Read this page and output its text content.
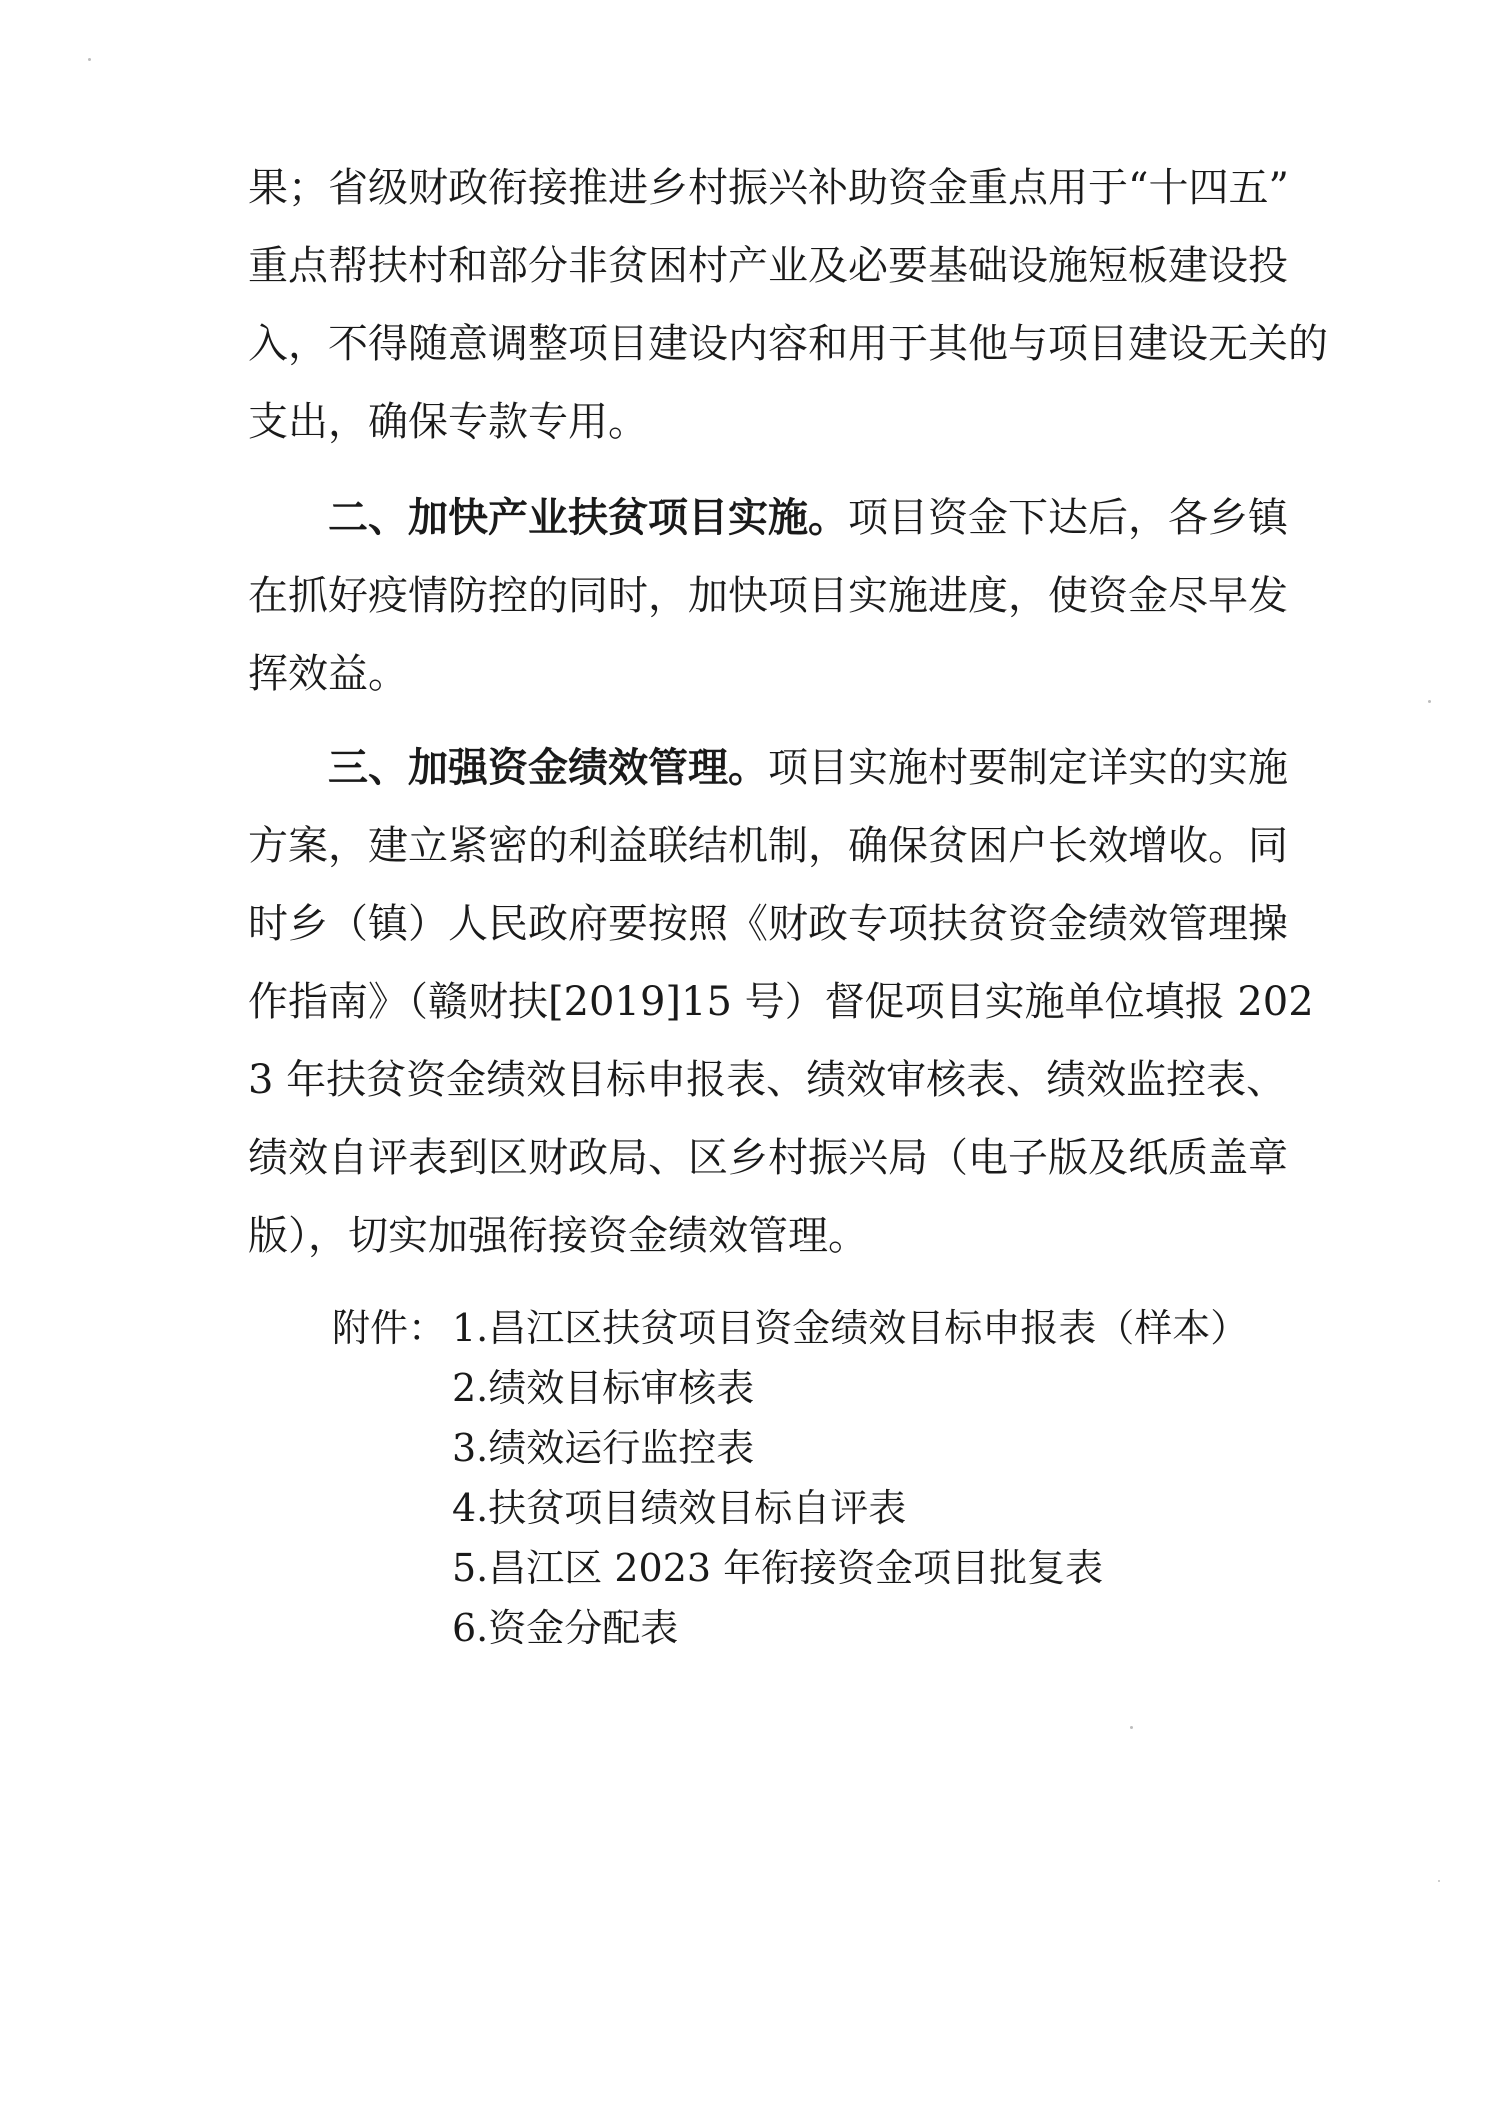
果；省级财政衔接推进乡村振兴补助资金重点用于“十四五”
重点帮扶村和部分非贫困村产业及必要基础设施短板建设投
入，不得随意调整项目建设内容和用于其他与项目建设无关的
支出，确保专款专用。
二、加快产业扶贫项目实施。项目资金下达后，各乡镇
在抓好疫情防控的同时，加快项目实施进度，使资金尽早发
挥效益。
三、加强资金绩效管理。项目实施村要制定详实的实施
方案，建立紧密的利益联结机制，确保贫困户长效增收。同
时乡（镇）人民政府要按照《财政专项扶贫资金绩效管理操
作指南》（赣财扶[2019]15 号）督促项目实施单位填报 202
3 年扶贫资金绩效目标申报表、绩效审核表、绩效监控表、
绩效自评表到区财政局、区乡村振兴局（电子版及纸质盖章
版），切实加强衔接资金绩效管理。
附件： 1.昌江区扶贫项目资金绩效目标申报表（样本）
2.绩效目标审核表
3.绩效运行监控表
4.扶贫项目绩效目标自评表
5.昌江区 2023 年衔接资金项目批复表
6.资金分配表
